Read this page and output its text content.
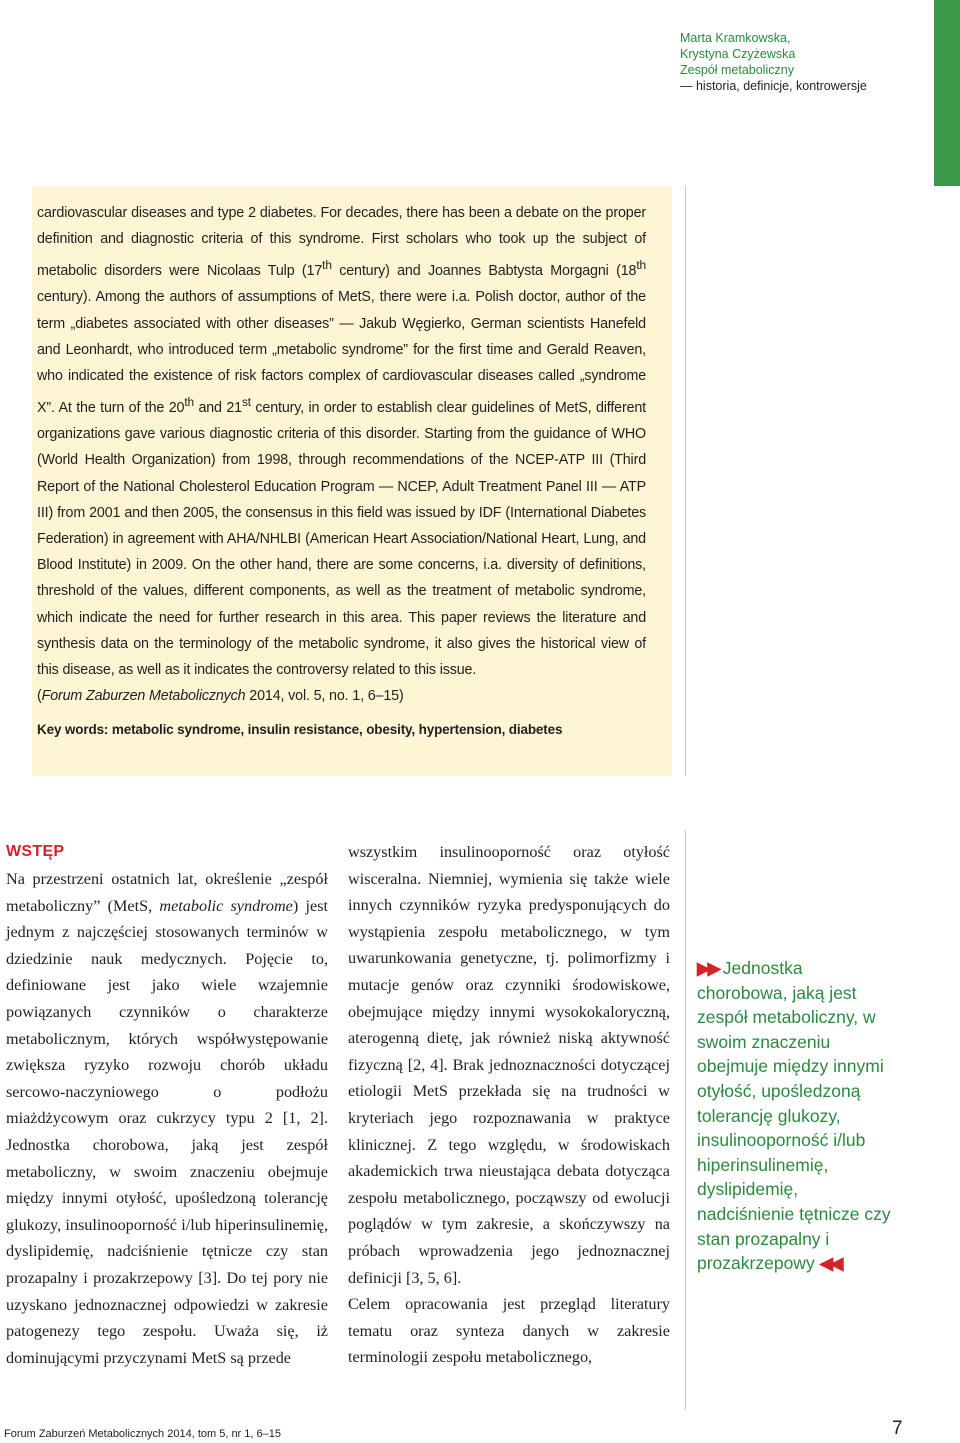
Marta Kramkowska,
Krystyna Czyżewska
Zespół metaboliczny
— historia, definicje, kontrowersje

cardiovascular diseases and type 2 diabetes. For decades, there has been a debate on the proper definition and diagnostic criteria of this syndrome. First scholars who took up the subject of metabolic disorders were Nicolaas Tulp (17th century) and Joannes Babtysta Morgagni (18th century). Among the authors of assumptions of MetS, there were i.a. Polish doctor, author of the term „diabetes associated with other diseases” — Jakub Węgierko, German scientists Hanefeld and Leonhardt, who introduced term „metabolic syndrome” for the first time and Gerald Reaven, who indicated the existence of risk factors complex of cardiovascular diseases called „syndrome X”. At the turn of the 20th and 21st century, in order to establish clear guidelines of MetS, different organizations gave various diagnostic criteria of this disorder. Starting from the guidance of WHO (World Health Organization) from 1998, through recommendations of the NCEP-ATP III (Third Report of the National Cholesterol Education Program — NCEP, Adult Treatment Panel III — ATP III) from 2001 and then 2005, the consensus in this field was issued by IDF (International Diabetes Federation) in agreement with AHA/NHLBI (American Heart Association/National Heart, Lung, and Blood Institute) in 2009. On the other hand, there are some concerns, i.a. diversity of definitions, threshold of the values, different components, as well as the treatment of metabolic syndrome, which indicate the need for further research in this area. This paper reviews the literature and synthesis data on the terminology of the metabolic syndrome, it also gives the historical view of this disease, as well as it indicates the controversy related to this issue.

(Forum Zaburzen Metabolicznych 2014, vol. 5, no. 1, 6–15)

Key words: metabolic syndrome, insulin resistance, obesity, hypertension, diabetes

WSTĘP

Na przestrzeni ostatnich lat, określenie „zespół metaboliczny” (MetS, metabolic syndrome) jest jednym z najczęściej stosowanych terminów w dziedzinie nauk medycznych. Pojęcie to, definiowane jest jako wiele wzajemnie powiązanych czynników o charakterze metabolicznym, których współwystępowanie zwiększa ryzyko rozwoju chorób układu sercowo-naczyniowego o podłożu miażdżycowym oraz cukrzycy typu 2 [1, 2]. Jednostka chorobowa, jaką jest zespół metaboliczny, w swoim znaczeniu obejmuje między innymi otyłość, upośledzoną tolerancję glukozy, insulinooporność i/lub hiperinsulinemię, dyslipidemię, nadciśnienie tętnicze czy stan prozapalny i prozakrzepowy [3]. Do tej pory nie uzyskano jednoznacznej odpowiedzi w zakresie patogenezy tego zespołu. Uważa się, iż dominującymi przyczynami MetS są przede

wszystkim insulinooporność oraz otyłość wisceralna. Niemniej, wymienia się także wiele innych czynników ryzyka predysponujących do wystąpienia zespołu metabolicznego, w tym uwarunkowania genetyczne, tj. polimorfizmy i mutacje genów oraz czynniki środowiskowe, obejmujące między innymi wysokokaloryczną, aterogenną dietę, jak również niską aktywność fizyczną [2, 4]. Brak jednoznaczności dotyczącej etiologii MetS przekłada się na trudności w kryteriach jego rozpoznawania w praktyce klinicznej. Z tego względu, w środowiskach akademickich trwa nieustająca debata dotycząca zespołu metabolicznego, począwszy od ewolucji poglądów w tym zakresie, a skończywszy na próbach wprowadzenia jego jednoznacznej definicji [3, 5, 6].

Celem opracowania jest przegląd literatury tematu oraz synteza danych w zakresie terminologii zespołu metabolicznego,

▶▶ Jednostka chorobowa, jaką jest zespół metaboliczny, w swoim znaczeniu obejmuje między innymi otyłość, upośledzoną tolerancję glukozy, insulinooporność i/lub hiperinsulinemię, dyslipidemię, nadciśnienie tętnicze czy stan prozapalny i prozakrzepowy ◀◀
Forum Zaburzeń Metabolicznych 2014, tom 5, nr 1, 6–15	7
